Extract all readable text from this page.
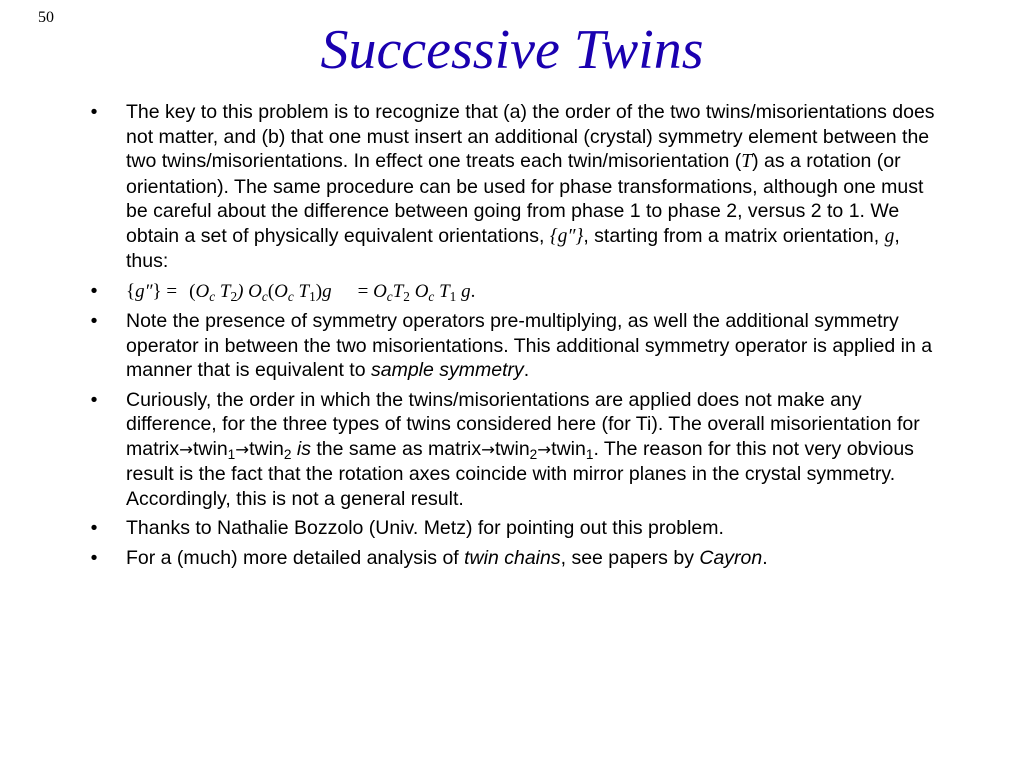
50
Successive Twins
•	The key to this problem is to recognize that (a) the order of the two twins/misorientations does not matter, and (b) that one must insert an additional (crystal) symmetry element between the two twins/misorientations. In effect one treats each twin/misorientation (T) as a rotation (or orientation). The same procedure can be used for phase transformations, although one must be careful about the difference between going from phase 1 to phase 2, versus 2 to 1. We obtain a set of physically equivalent orientations, {g″}, starting from a matrix orientation, g, thus:
•	$\{g''\} = (O_c$ $T_2$) $O_c(O_c$ $T_1)g = O_cT_2$ $O_c$ $T_1$ g.
•	Note the presence of symmetry operators pre-multiplying, as well the additional symmetry operator in between the two misorientations. This additional symmetry operator is applied in a manner that is equivalent to sample symmetry.
•	Curiously, the order in which the twins/misorientations are applied does not make any difference, for the three types of twins considered here (for Ti). The overall misorientation for matrix→twin$_1$→twin$_2$ is the same as matrix→twin$_2$→twin$_1$. The reason for this not very obvious result is the fact that the rotation axes coincide with mirror planes in the crystal symmetry. Accordingly, this is not a general result.
•	Thanks to Nathalie Bozzolo (Univ. Metz) for pointing out this problem.
•	For a (much) more detailed analysis of twin chains, see papers by Cayron.
